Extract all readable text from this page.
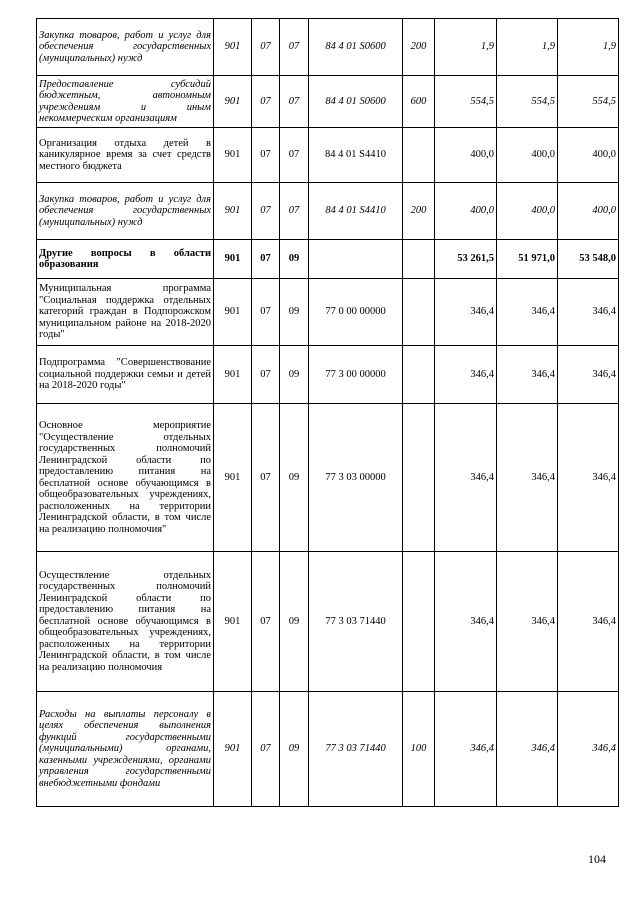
Закупка товаров, работ и услуг для обеспечения государственных (муниципальных) нужд	901	07	07	84 4 01 S0600	200	1,9	1,9	1,9
Предоставление субсидий бюджетным, автономным учреждениям и иным некоммерческим организациям	901	07	07	84 4 01 S0600	600	554,5	554,5	554,5
Организация отдыха детей в каникулярное время за счет средств местного бюджета	901	07	07	84 4 01 S4410		400,0	400,0	400,0
Закупка товаров, работ и услуг для обеспечения государственных (муниципальных) нужд	901	07	07	84 4 01 S4410	200	400,0	400,0	400,0
Другие вопросы в области образования	901	07	09			53 261,5	51 971,0	53 548,0
Муниципальная программа "Социальная поддержка отдельных категорий граждан в Подпорожском муниципальном районе на 2018-2020 годы"	901	07	09	77 0 00 00000		346,4	346,4	346,4
Подпрограмма "Совершенствование социальной поддержки семьи и детей на 2018-2020 годы"	901	07	09	77 3 00 00000		346,4	346,4	346,4
Основное мероприятие "Осуществление отдельных государственных полномочий Ленинградской области по предоставлению питания на бесплатной основе обучающимся в общеобразовательных учреждениях, расположенных на территории Ленинградской области, в том числе на реализацию полномочия"	901	07	09	77 3 03 00000		346,4	346,4	346,4
Осуществление отдельных государственных полномочий Ленинградской области по предоставлению питания на бесплатной основе обучающимся в общеобразовательных учреждениях, расположенных на территории Ленинградской области, в том числе на реализацию полномочия	901	07	09	77 3 03 71440		346,4	346,4	346,4
Расходы на выплаты персоналу в целях обеспечения выполнения функций государственными (муниципальными) органами, казенными учреждениями, органами управления государственными внебюджетными фондами	901	07	09	77 3 03 71440	100	346,4	346,4	346,4
104
